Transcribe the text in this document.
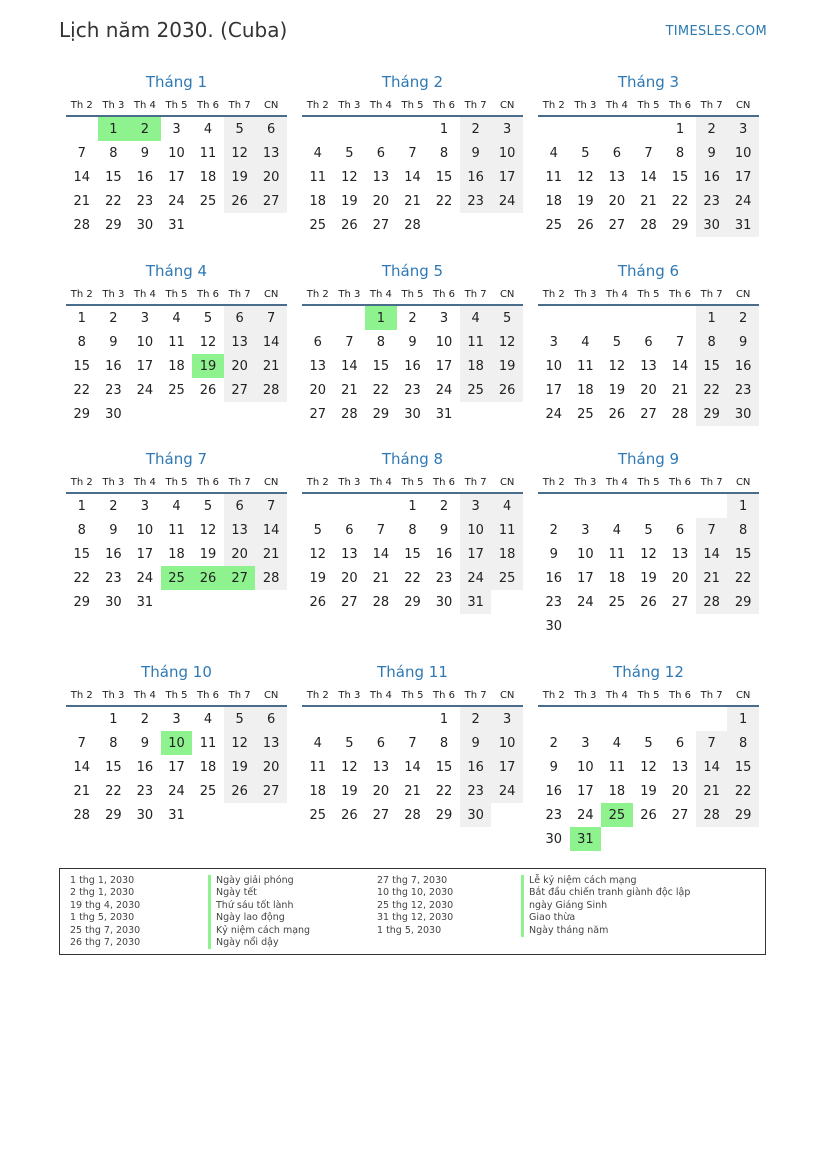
Lịch năm 2030. (Cuba)	TIMESLES.COM
Tháng 1
Th 2	Th 3	Th 4	Th 5	Th 6	Th 7	CN
	1	2	3	4	5	6
7	8	9	10	11	12	13
14	15	16	17	18	19	20
21	22	23	24	25	26	27
28	29	30	31			
Tháng 2
Th 2	Th 3	Th 4	Th 5	Th 6	Th 7	CN
				1	2	3
4	5	6	7	8	9	10
11	12	13	14	15	16	17
18	19	20	21	22	23	24
25	26	27	28			
Tháng 3
Th 2	Th 3	Th 4	Th 5	Th 6	Th 7	CN
				1	2	3
4	5	6	7	8	9	10
11	12	13	14	15	16	17
18	19	20	21	22	23	24
25	26	27	28	29	30	31
Tháng 4
Th 2	Th 3	Th 4	Th 5	Th 6	Th 7	CN
1	2	3	4	5	6	7
8	9	10	11	12	13	14
15	16	17	18	19	20	21
22	23	24	25	26	27	28
29	30					
Tháng 5
Th 2	Th 3	Th 4	Th 5	Th 6	Th 7	CN
		1	2	3	4	5
6	7	8	9	10	11	12
13	14	15	16	17	18	19
20	21	22	23	24	25	26
27	28	29	30	31		
Tháng 6
Th 2	Th 3	Th 4	Th 5	Th 6	Th 7	CN
					1	2
3	4	5	6	7	8	9
10	11	12	13	14	15	16
17	18	19	20	21	22	23
24	25	26	27	28	29	30
Tháng 7
Th 2	Th 3	Th 4	Th 5	Th 6	Th 7	CN
1	2	3	4	5	6	7
8	9	10	11	12	13	14
15	16	17	18	19	20	21
22	23	24	25	26	27	28
29	30	31				
Tháng 8
Th 2	Th 3	Th 4	Th 5	Th 6	Th 7	CN
			1	2	3	4
5	6	7	8	9	10	11
12	13	14	15	16	17	18
19	20	21	22	23	24	25
26	27	28	29	30	31	
Tháng 9
Th 2	Th 3	Th 4	Th 5	Th 6	Th 7	CN
						1
2	3	4	5	6	7	8
9	10	11	12	13	14	15
16	17	18	19	20	21	22
23	24	25	26	27	28	29
30						
Tháng 10
Th 2	Th 3	Th 4	Th 5	Th 6	Th 7	CN
	1	2	3	4	5	6
7	8	9	10	11	12	13
14	15	16	17	18	19	20
21	22	23	24	25	26	27
28	29	30	31			
Tháng 11
Th 2	Th 3	Th 4	Th 5	Th 6	Th 7	CN
				1	2	3
4	5	6	7	8	9	10
11	12	13	14	15	16	17
18	19	20	21	22	23	24
25	26	27	28	29	30	
Tháng 12
Th 2	Th 3	Th 4	Th 5	Th 6	Th 7	CN
						1
2	3	4	5	6	7	8
9	10	11	12	13	14	15
16	17	18	19	20	21	22
23	24	25	26	27	28	29
30	31					
1 thg 1, 2030
2 thg 1, 2030
19 thg 4, 2030
1 thg 5, 2030
25 thg 7, 2030
26 thg 7, 2030
Ngày giải phóng
Ngày tết
Thứ sáu tốt lành
Ngày lao động
Kỷ niệm cách mạng
Ngày nổi dậy
27 thg 7, 2030
10 thg 10, 2030
25 thg 12, 2030
31 thg 12, 2030
1 thg 5, 2030
Lễ kỷ niệm cách mạng
Bắt đầu chiến tranh giành độc lập
ngày Giáng Sinh
Giao thừa
Ngày tháng năm
